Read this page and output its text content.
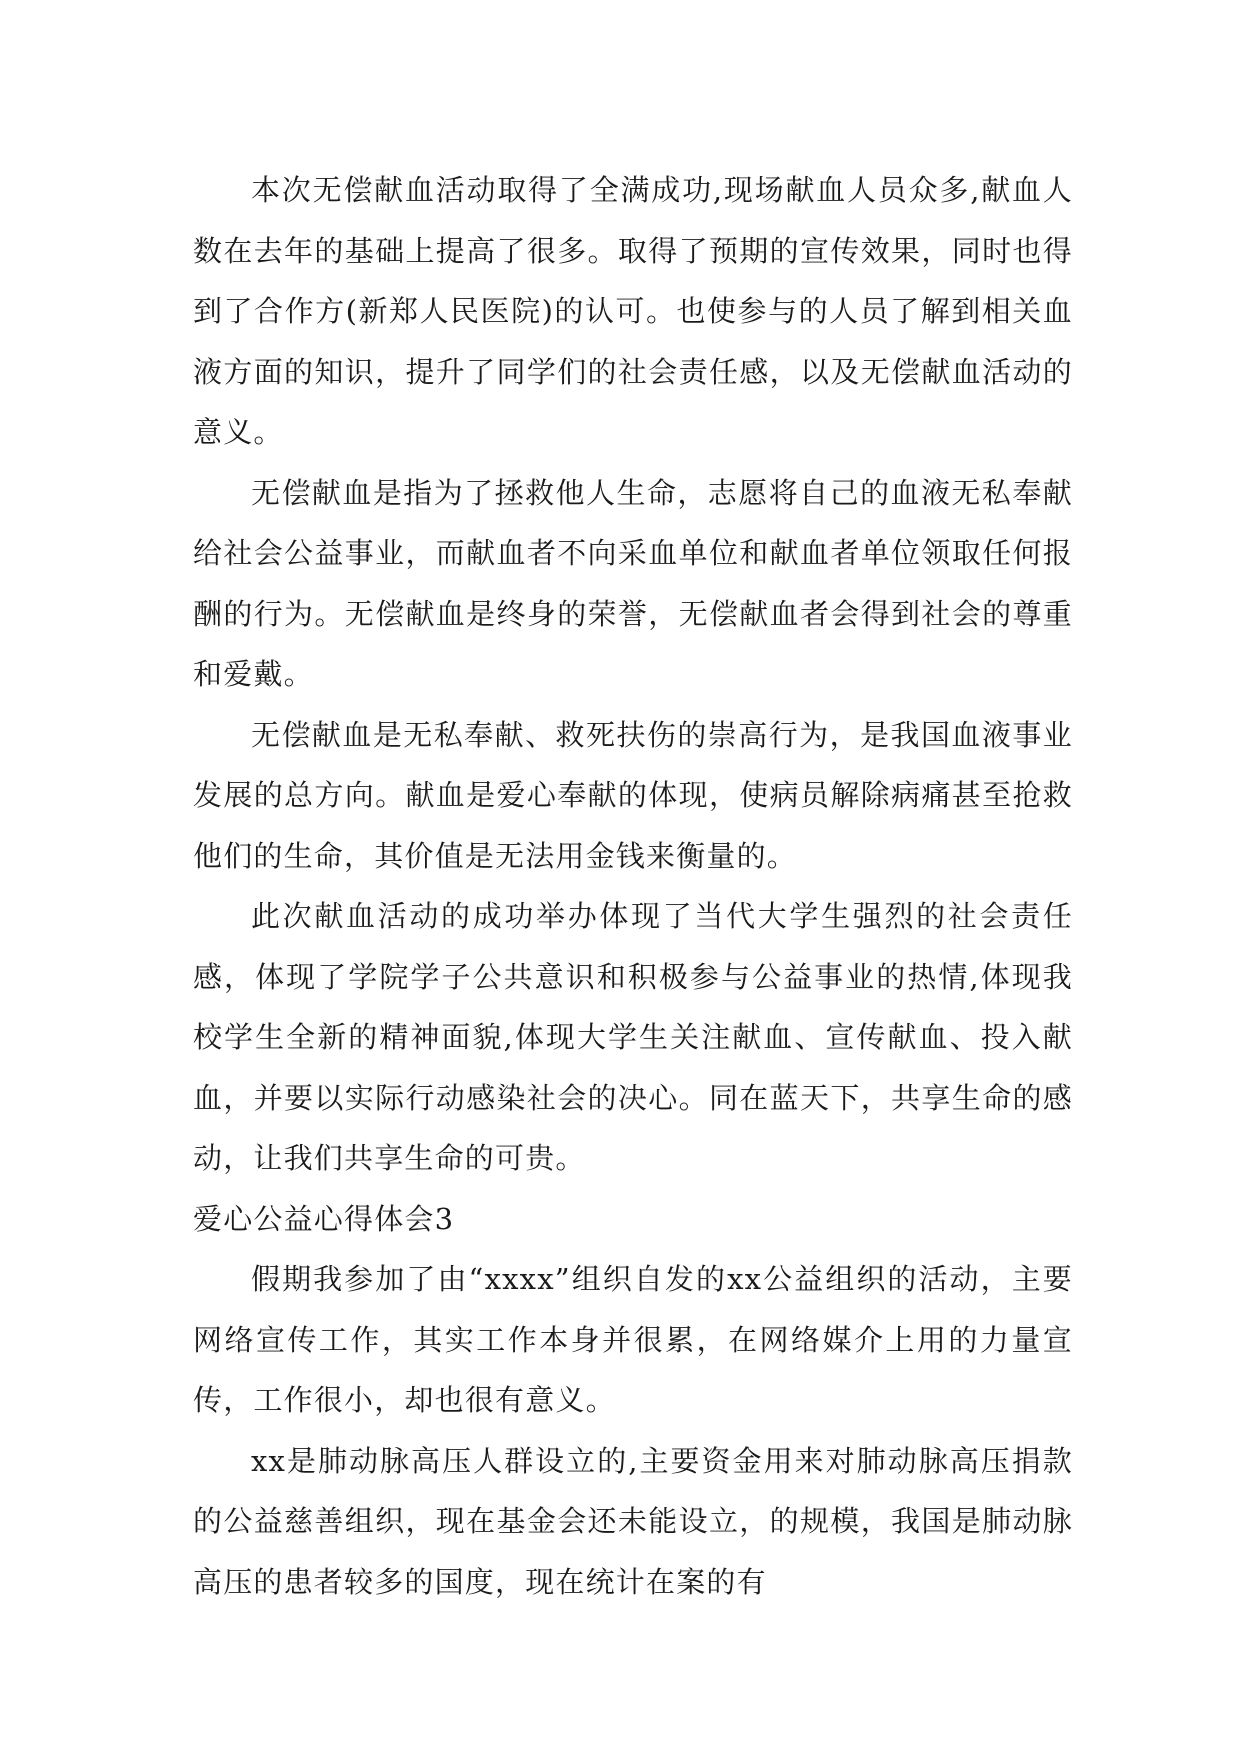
本次无偿献血活动取得了全满成功,现场献血人员众多,献血人数在去年的基础上提高了很多。取得了预期的宣传效果，同时也得到了合作方(新郑人民医院)的认可。也使参与的人员了解到相关血液方面的知识，提升了同学们的社会责任感，以及无偿献血活动的意义。

无偿献血是指为了拯救他人生命，志愿将自己的血液无私奉献给社会公益事业，而献血者不向采血单位和献血者单位领取任何报酬的行为。无偿献血是终身的荣誉，无偿献血者会得到社会的尊重和爱戴。

无偿献血是无私奉献、救死扶伤的崇高行为，是我国血液事业发展的总方向。献血是爱心奉献的体现，使病员解除病痛甚至抢救他们的生命，其价值是无法用金钱来衡量的。

此次献血活动的成功举办体现了当代大学生强烈的社会责任感，体现了学院学子公共意识和积极参与公益事业的热情,体现我校学生全新的精神面貌,体现大学生关注献血、宣传献血、投入献血，并要以实际行动感染社会的决心。同在蓝天下，共享生命的感动，让我们共享生命的可贵。

爱心公益心得体会3

假期我参加了由“xxxx”组织自发的xx公益组织的活动，主要网络宣传工作，其实工作本身并很累，在网络媒介上用的力量宣传，工作很小，却也很有意义。

xx是肺动脉高压人群设立的,主要资金用来对肺动脉高压捐款的公益慈善组织，现在基金会还未能设立，的规模，我国是肺动脉高压的患者较多的国度，现在统计在案的有
